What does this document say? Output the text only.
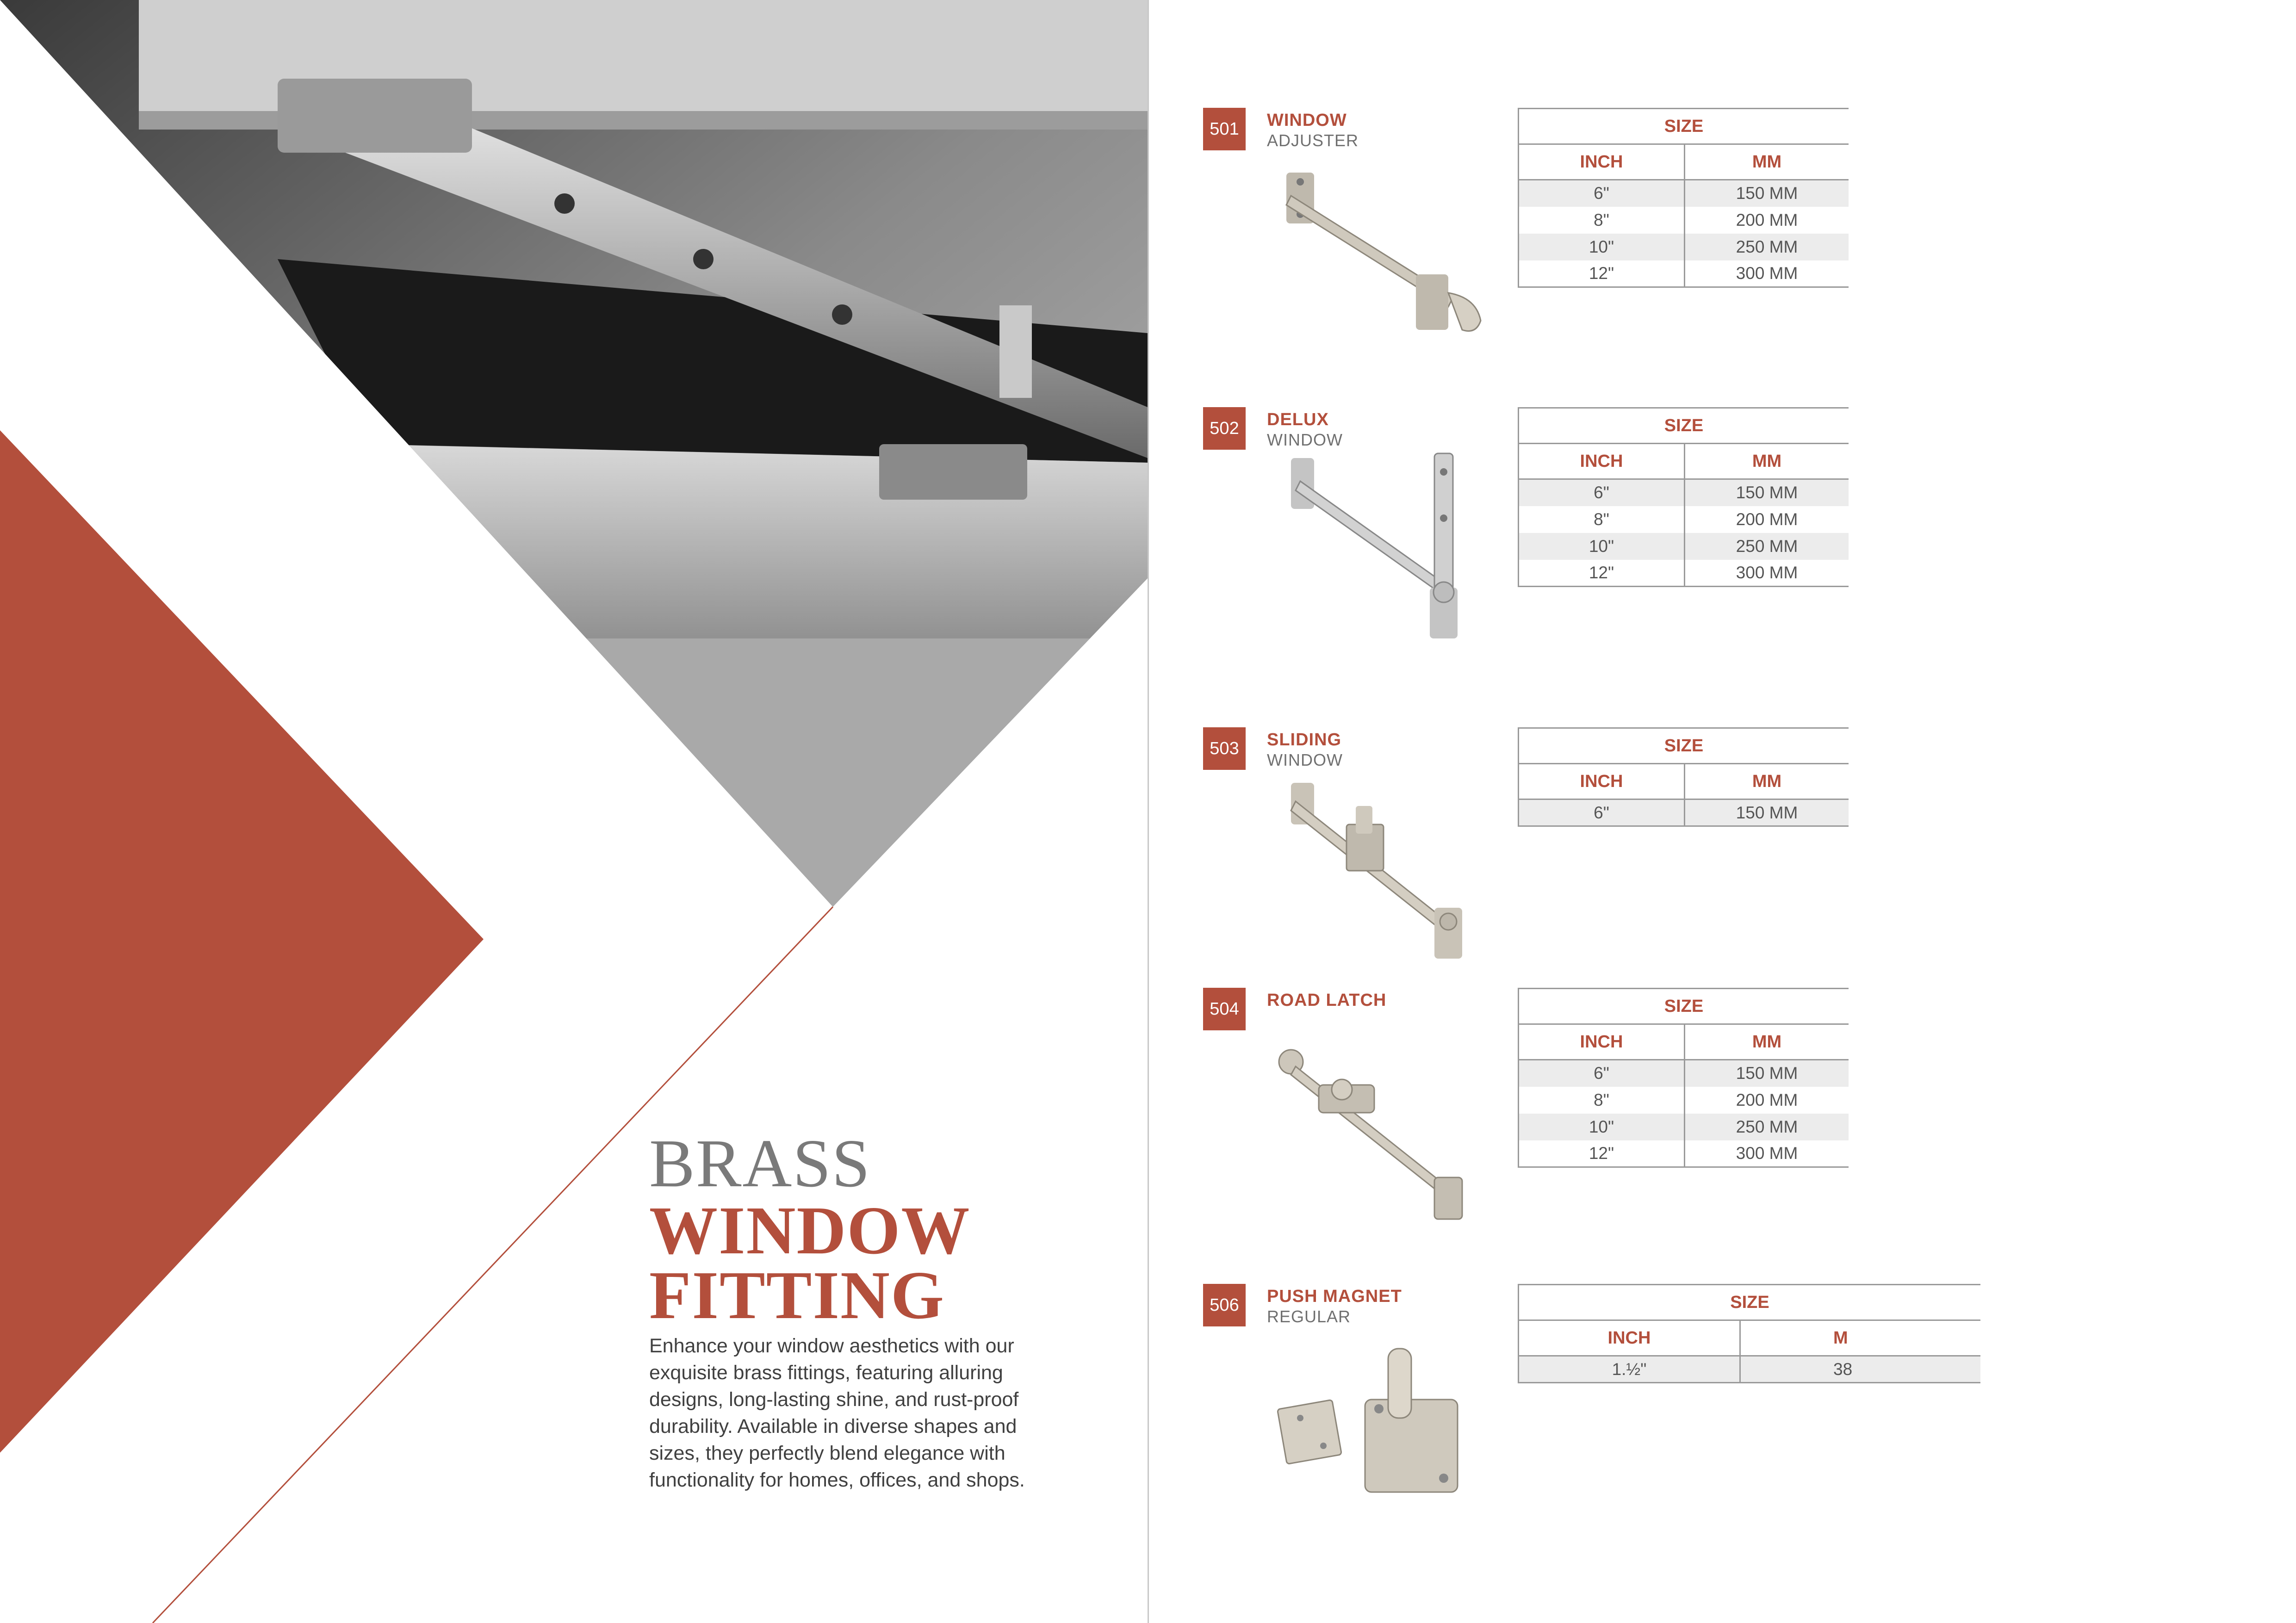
BRASS
WINDOW
FITTING
Enhance your window aesthetics with our exquisite brass fittings, featuring alluring designs, long-lasting shine, and rust-proof durability. Available in diverse shapes and sizes, they perfectly blend elegance with functionality for homes, offices, and shops.
501	WINDOW
ADJUSTER
SIZE	
INCH	MM
6"	150 MM
8"	200 MM
10"	250 MM
12"	300 MM
502	DELUX
WINDOW
SIZE	
INCH	MM
6"	150 MM
8"	200 MM
10"	250 MM
12"	300 MM
503	SLIDING
WINDOW
SIZE	
INCH	MM
6"	150 MM
504	ROAD LATCH	SIZE	
INCH	MM
6"	150 MM
8"	200 MM
10"	250 MM
12"	300 MM
506	PUSH MAGNET
REGULAR
SIZE	
INCH	M
1.½"	38
